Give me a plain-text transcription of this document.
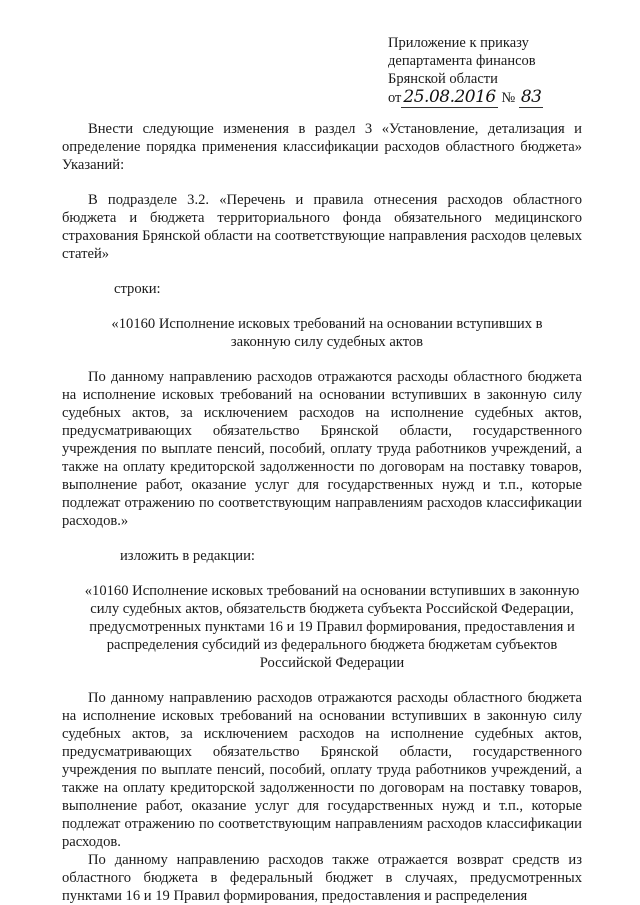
Приложение к приказу
департамента финансов
Брянской области
от 25.08.2016 № 83

Внести следующие изменения в раздел 3 «Установление, детализация и определение порядка применения классификации расходов областного бюджета» Указаний:

В подразделе 3.2. «Перечень и правила отнесения расходов областного бюджета и бюджета территориального фонда обязательного медицинского страхования Брянской области на соответствующие направления расходов целевых статей»

строки:

«10160 Исполнение исковых требований на основании вступивших в законную силу судебных актов

По данному направлению расходов отражаются расходы областного бюджета на исполнение исковых требований на основании вступивших в законную силу судебных актов, за исключением расходов на исполнение судебных актов, предусматривающих обязательство Брянской области, государственного учреждения по выплате пенсий, пособий, оплату труда работников учреждений, а также на оплату кредиторской задолженности по договорам на поставку товаров, выполнение работ, оказание услуг для государственных нужд и т.п., которые подлежат отражению по соответствующим направлениям расходов классификации расходов.»

изложить в редакции:

«10160 Исполнение исковых требований на основании вступивших в законную силу судебных актов, обязательств бюджета субъекта Российской Федерации, предусмотренных пунктами 16 и 19 Правил формирования, предоставления и распределения субсидий из федерального бюджета бюджетам субъектов Российской Федерации

По данному направлению расходов отражаются расходы областного бюджета на исполнение исковых требований на основании вступивших в законную силу судебных актов, за исключением расходов на исполнение судебных актов, предусматривающих обязательство Брянской области, государственного учреждения по выплате пенсий, пособий, оплату труда работников учреждений, а также на оплату кредиторской задолженности по договорам на поставку товаров, выполнение работ, оказание услуг для государственных нужд и т.п., которые подлежат отражению по соответствующим направлениям расходов классификации расходов.

По данному направлению расходов также отражается возврат средств из областного бюджета в федеральный бюджет в случаях, предусмотренных пунктами 16 и 19 Правил формирования, предоставления и распределения
